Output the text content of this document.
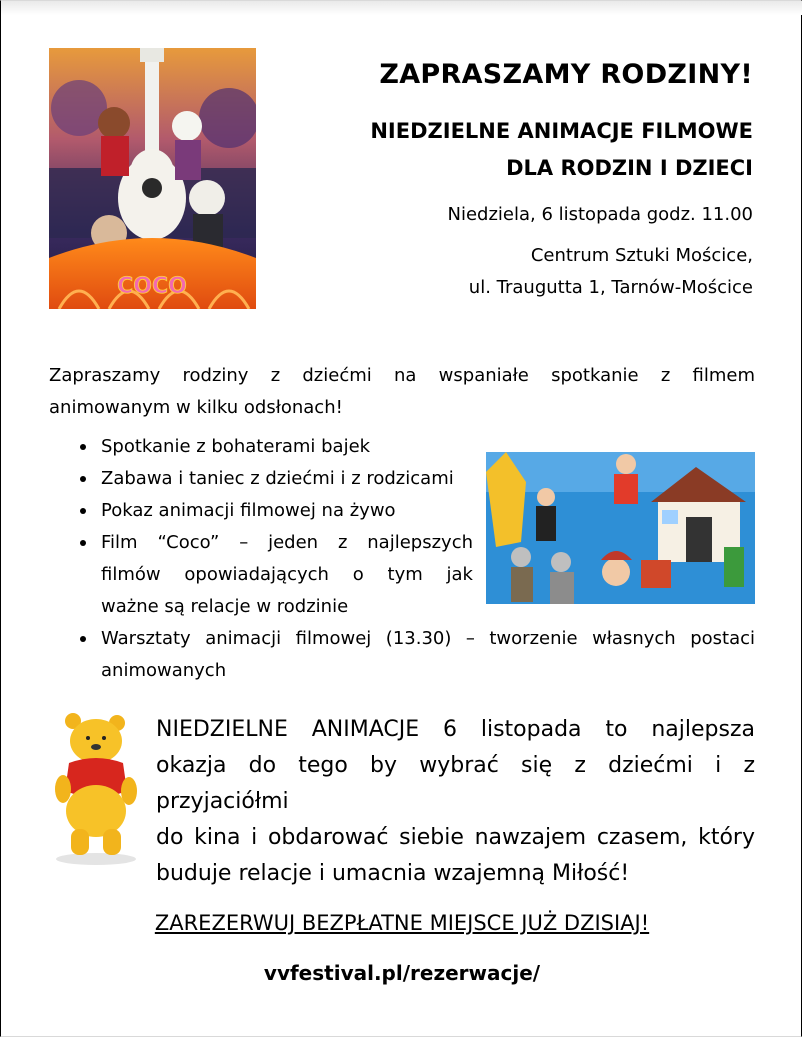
COCO
ZAPRASZAMY RODZINY!
NIEDZIELNE ANIMACJE FILMOWE
DLA RODZIN I DZIECI
Niedziela, 6 listopada godz. 11.00
Centrum Sztuki Mościce,
ul. Traugutta 1, Tarnów-Mościce
Zapraszamy rodziny z dziećmi na wspaniałe spotkanie z filmem
animowanym w kilku odsłonach!
Spotkanie z bohaterami bajek
Zabawa i taniec z dziećmi i z rodzicami
Pokaz animacji filmowej na żywo
Film “Coco” – jeden z najlepszych
filmów opowiadających o tym jak
ważne są relacje w rodzinie
Warsztaty animacji filmowej (13.30) – tworzenie własnych postaci
animowanych
NIEDZIELNE ANIMACJE 6 listopada to najlepsza
okazja do tego by wybrać się z dziećmi i z przyjaciółmi
do kina i obdarować siebie nawzajem czasem, który
buduje relacje i umacnia wzajemną Miłość!
ZAREZERWUJ BEZPŁATNE MIEJSCE JUŻ DZISIAJ!
vvfestival.pl/rezerwacje/
